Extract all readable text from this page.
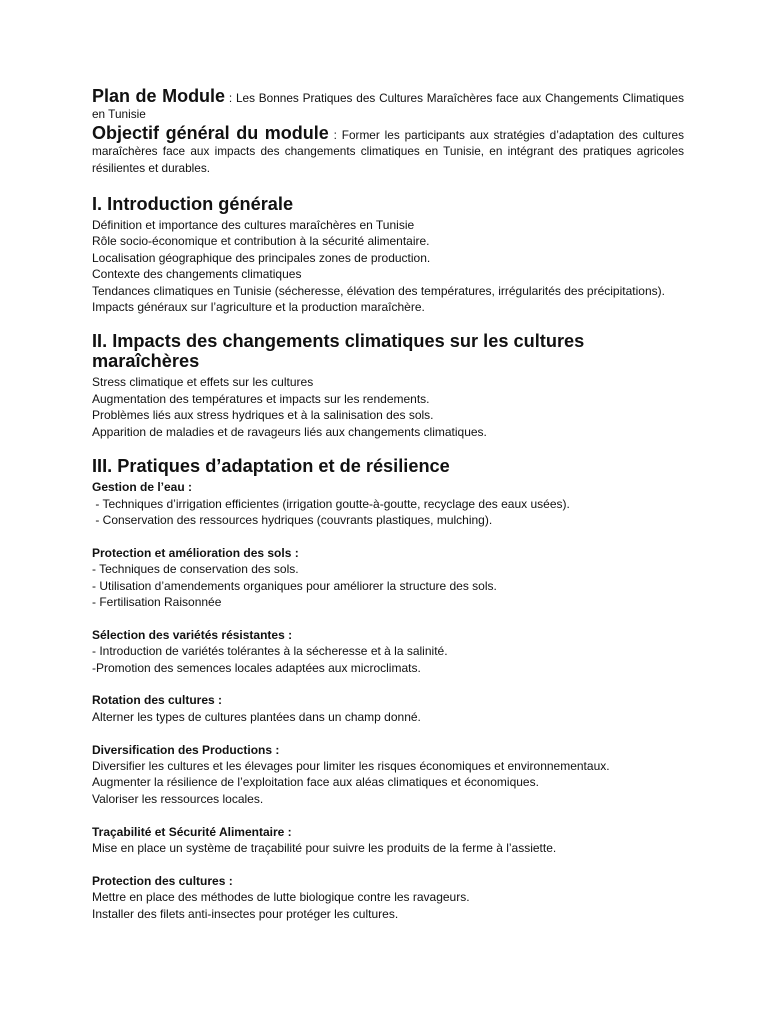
Plan de Module : Les Bonnes Pratiques des Cultures Maraîchères face aux Changements Climatiques en Tunisie
Objectif général du module : Former les participants aux stratégies d’adaptation des cultures maraîchères face aux impacts des changements climatiques en Tunisie, en intégrant des pratiques agricoles résilientes et durables.
I. Introduction générale
Définition et importance des cultures maraîchères en Tunisie
Rôle socio-économique et contribution à la sécurité alimentaire.
Localisation géographique des principales zones de production.
Contexte des changements climatiques
Tendances climatiques en Tunisie (sécheresse, élévation des températures, irrégularités des précipitations).
Impacts généraux sur l’agriculture et la production maraîchère.
II. Impacts des changements climatiques sur les cultures maraîchères
Stress climatique et effets sur les cultures
Augmentation des températures et impacts sur les rendements.
Problèmes liés aux stress hydriques et à la salinisation des sols.
Apparition de maladies et de ravageurs liés aux changements climatiques.
III. Pratiques d’adaptation et de résilience
Gestion de l’eau :
- Techniques d’irrigation efficientes (irrigation goutte-à-goutte, recyclage des eaux usées).
- Conservation des ressources hydriques (couvrants plastiques, mulching).
Protection et amélioration des sols :
- Techniques de conservation des sols.
- Utilisation d’amendements organiques pour améliorer la structure des sols.
- Fertilisation Raisonnée
Sélection des variétés résistantes :
- Introduction de variétés tolérantes à la sécheresse et à la salinité.
-Promotion des semences locales adaptées aux microclimats.
Rotation des cultures :
Alterner les types de cultures plantées dans un champ donné.
Diversification des Productions :
Diversifier les cultures et les élevages pour limiter les risques économiques et environnementaux.
Augmenter la résilience de l’exploitation face aux aléas climatiques et économiques.
Valoriser les ressources locales.
Traçabilité et Sécurité Alimentaire :
Mise en place un système de traçabilité pour suivre les produits de la ferme à l’assiette.
Protection des cultures :
Mettre en place des méthodes de lutte biologique contre les ravageurs.
Installer des filets anti-insectes pour protéger les cultures.
